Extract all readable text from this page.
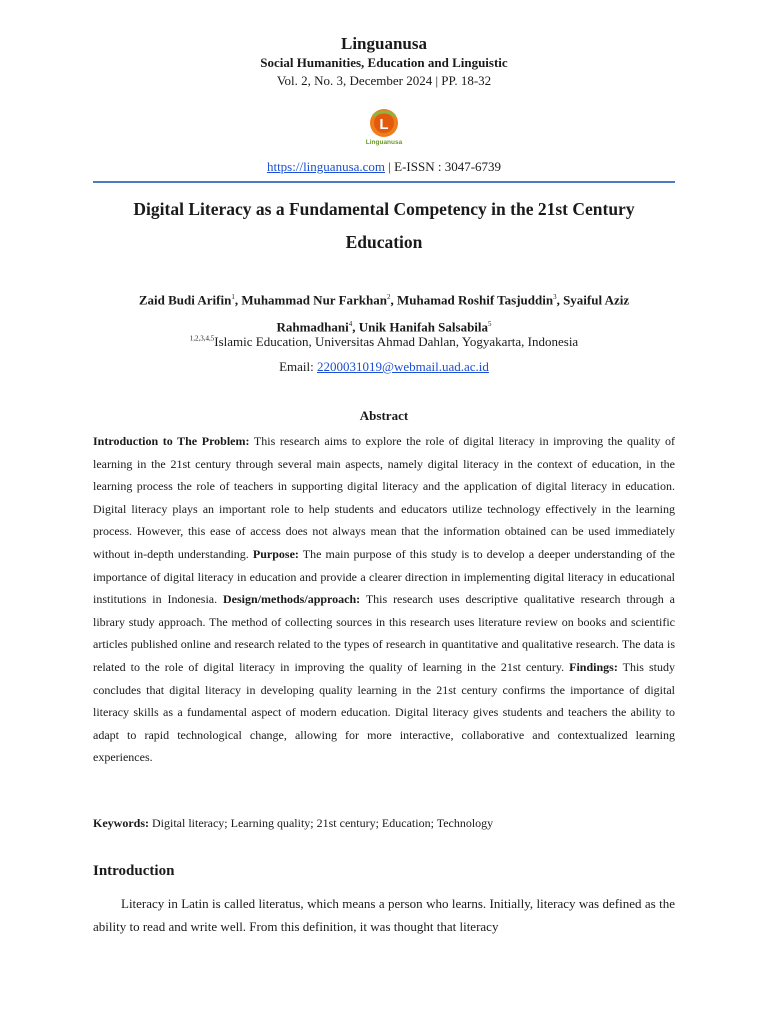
Linguanusa
Social Humanities, Education and Linguistic
Vol. 2, No. 3, December 2024 | PP. 18-32
L
Linguanusa
https://linguanusa.com | E-ISSN : 3047-6739
Digital Literacy as a Fundamental Competency in the 21st Century
Education
Zaid Budi Arifin$^1$, Muhammad Nur Farkhan$^2$, Muhamad Roshif Tasjuddin$^3$, Syaiful Aziz
Rahmadhani$^4$, Unik Hanifah Salsabila$^5$
$^{1,2,3,4,5}$Islamic Education, Universitas Ahmad Dahlan, Yogyakarta, Indonesia
Email: 2200031019@webmail.uad.ac.id
Abstract
Introduction to The Problem: This research aims to explore the role of digital literacy in improving the quality of learning in the 21st century through several main aspects, namely digital literacy in the context of education, in the learning process the role of teachers in supporting digital literacy and the application of digital literacy in education. Digital literacy plays an important role to help students and educators utilize technology effectively in the learning process. However, this ease of access does not always mean that the information obtained can be used immediately without in-depth understanding. Purpose: The main purpose of this study is to develop a deeper understanding of the importance of digital literacy in education and provide a clearer direction in implementing digital literacy in educational institutions in Indonesia. Design/methods/approach: This research uses descriptive qualitative research through a library study approach. The method of collecting sources in this research uses literature review on books and scientific articles published online and research related to the types of research in quantitative and qualitative research. The data is related to the role of digital literacy in improving the quality of learning in the 21st century. Findings: This study concludes that digital literacy in developing quality learning in the 21st century confirms the importance of digital literacy skills as a fundamental aspect of modern education. Digital literacy gives students and teachers the ability to adapt to rapid technological change, allowing for more interactive, collaborative and contextualized learning experiences.
Keywords: Digital literacy; Learning quality; 21st century; Education; Technology
Introduction
Literacy in Latin is called literatus, which means a person who learns. Initially, literacy was defined as the ability to read and write well. From this definition, it was thought that literacy
